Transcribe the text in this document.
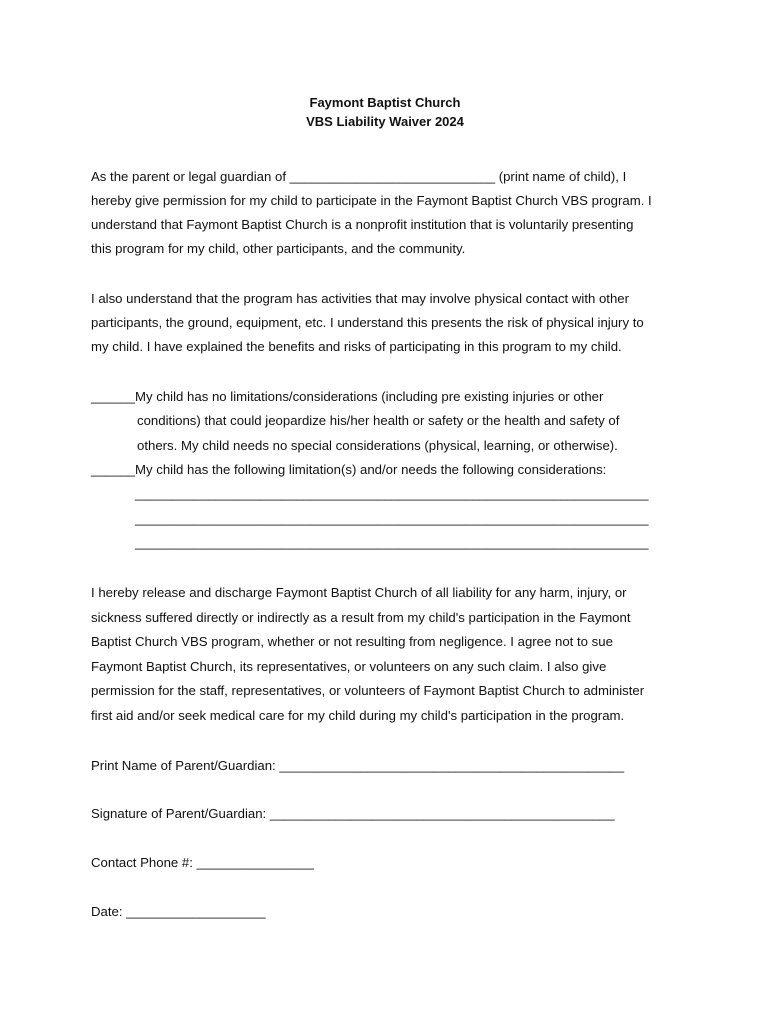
Faymont Baptist Church
VBS Liability Waiver 2024
As the parent or legal guardian of ____________________________ (print name of child), I
hereby give permission for my child to participate in the Faymont Baptist Church VBS program. I
understand that Faymont Baptist Church is a nonprofit institution that is voluntarily presenting
this program for my child, other participants, and the community.
I also understand that the program has activities that may involve physical contact with other
participants, the ground, equipment, etc. I understand this presents the risk of physical injury to
my child. I have explained the benefits and risks of participating in this program to my child.
______My child has no limitations/considerations (including pre existing injuries or other
conditions) that could jeopardize his/her health or safety or the health and safety of
others. My child needs no special considerations (physical, learning, or otherwise).
______My child has the following limitation(s) and/or needs the following considerations:
______________________________________________________________________
______________________________________________________________________
______________________________________________________________________
I hereby release and discharge Faymont Baptist Church of all liability for any harm, injury, or
sickness suffered directly or indirectly as a result from my child's participation in the Faymont
Baptist Church VBS program, whether or not resulting from negligence. I agree not to sue
Faymont Baptist Church, its representatives, or volunteers on any such claim. I also give
permission for the staff, representatives, or volunteers of Faymont Baptist Church to administer
first aid and/or seek medical care for my child during my child's participation in the program.
Print Name of Parent/Guardian: _______________________________________________
Signature of Parent/Guardian: _______________________________________________
Contact Phone #: ________________
Date: ___________________
